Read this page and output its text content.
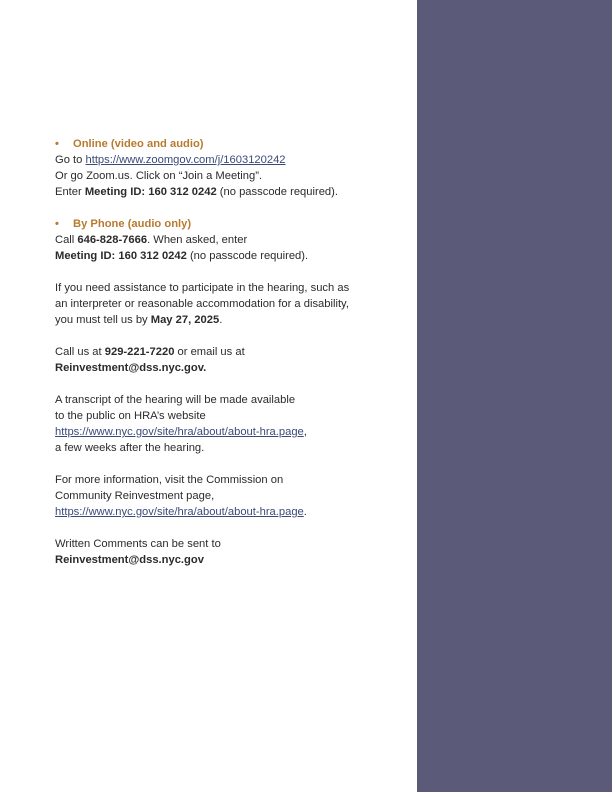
• Online (video and audio)
Go to https://www.zoomgov.com/j/1603120242
Or go Zoom.us. Click on “Join a Meeting”.
Enter Meeting ID: 160 312 0242 (no passcode required).
• By Phone (audio only)
Call 646-828-7666. When asked, enter
Meeting ID: 160 312 0242 (no passcode required).
If you need assistance to participate in the hearing, such as
an interpreter or reasonable accommodation for a disability,
you must tell us by May 27, 2025.
Call us at 929-221-7220 or email us at
Reinvestment@dss.nyc.gov.
A transcript of the hearing will be made available
to the public on HRA’s website
https://www.nyc.gov/site/hra/about/about-hra.page,
a few weeks after the hearing.
For more information, visit the Commission on
Community Reinvestment page,
https://www.nyc.gov/site/hra/about/about-hra.page.
Written Comments can be sent to
Reinvestment@dss.nyc.gov
